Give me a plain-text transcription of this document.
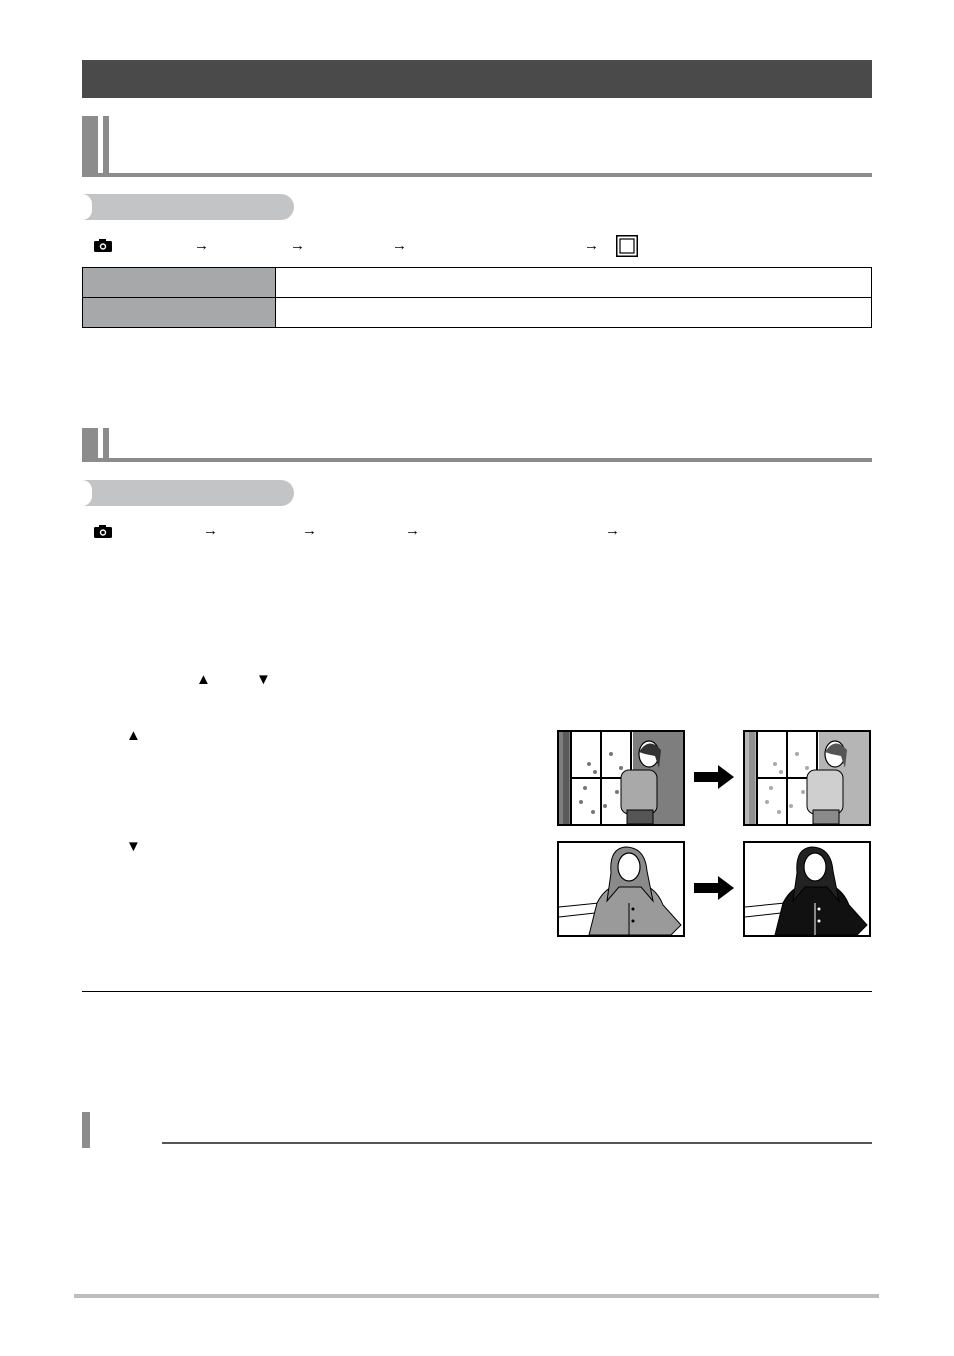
→	→	→	→

→	→	→	→
▲	▼
▲
▼
